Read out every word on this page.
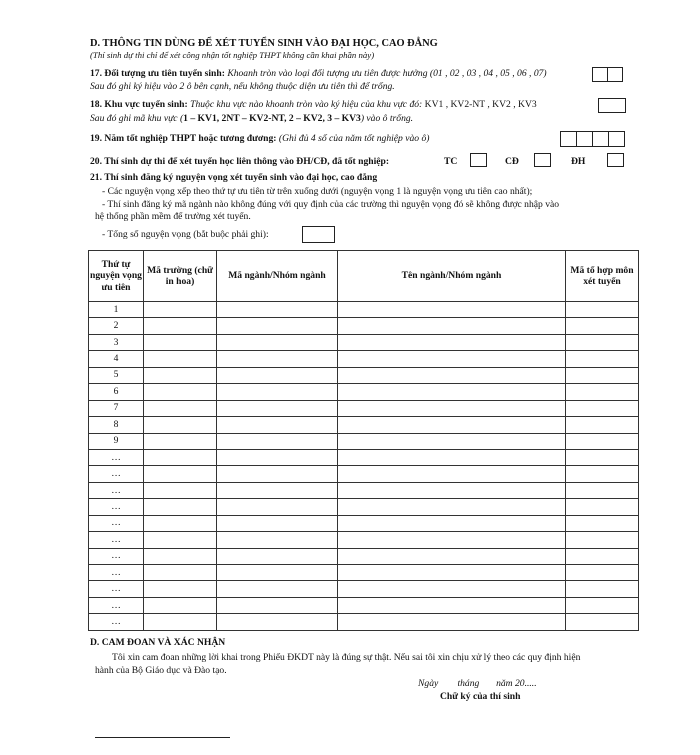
D. THÔNG TIN DÙNG ĐỂ XÉT TUYỂN SINH VÀO ĐẠI HỌC, CAO ĐẲNG
(Thí sinh dự thi chỉ để xét công nhận tốt nghiệp THPT không cần khai phần này)
17. Đối tượng ưu tiên tuyển sinh: Khoanh tròn vào loại đối tượng ưu tiên được hưởng (01 , 02 , 03 , 04 , 05 , 06 , 07)
Sau đó ghi ký hiệu vào 2 ô bên cạnh, nếu không thuộc diện ưu tiên thì để trống.
18. Khu vực tuyển sinh: Thuộc khu vực nào khoanh tròn vào ký hiệu của khu vực đó: KV1 , KV2-NT , KV2 , KV3
Sau đó ghi mã khu vực (1 – KV1, 2NT – KV2-NT, 2 – KV2, 3 – KV3) vào ô trống.
19. Năm tốt nghiệp THPT hoặc tương đương: (Ghi đủ 4 số của năm tốt nghiệp vào ô)
20. Thí sinh dự thi để xét tuyển học liên thông vào ĐH/CĐ, đã tốt nghiệp:	TC	CĐ	ĐH
21. Thí sinh đăng ký nguyện vọng xét tuyển sinh vào đại học, cao đẳng
- Các nguyện vọng xếp theo thứ tự ưu tiên từ trên xuống dưới (nguyện vọng 1 là nguyện vọng ưu tiên cao nhất);
- Thí sinh đăng ký mã ngành nào không đúng với quy định của các trường thì nguyện vọng đó sẽ không được nhập vào
hệ thống phần mềm để trường xét tuyển.
- Tổng số nguyện vọng (bắt buộc phải ghi):
Thứ tự nguyện vọng ưu tiên	Mã trường (chữ in hoa)	Mã ngành/Nhóm ngành	Tên ngành/Nhóm ngành	Mã tổ hợp môn xét tuyển
1				
2				
3				
4				
5				
6				
7				
8				
9				
…				
…				
…				
…				
…				
…				
…				
…				
…				
…				
…				
D. CAM ĐOAN VÀ XÁC NHẬN
Tôi xin cam đoan những lời khai trong Phiếu ĐKDT này là đúng sự thật. Nếu sai tôi xin chịu xử lý theo các quy định hiện
hành của Bộ Giáo dục và Đào tạo.
Ngày        tháng       năm 20.....
Chữ ký của thí sinh
